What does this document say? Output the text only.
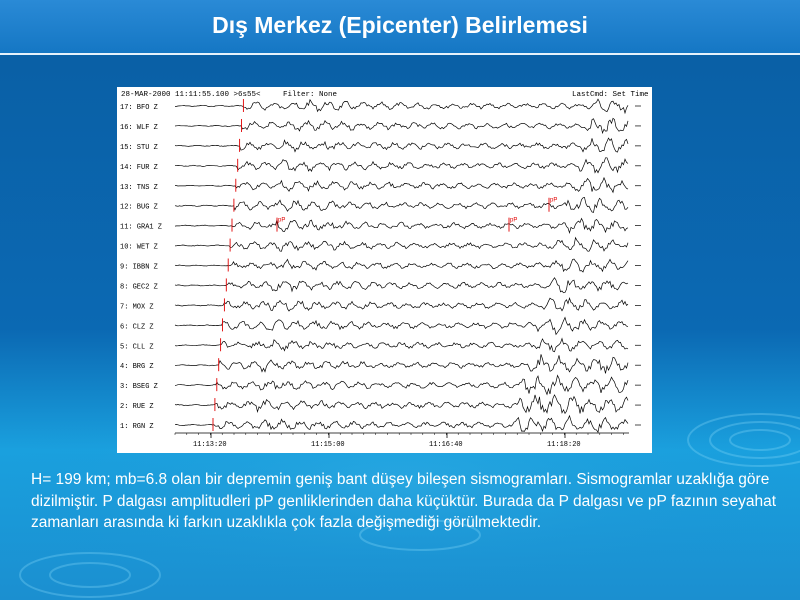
Dış Merkez (Epicenter) Belirlemesi
28-MAR-2000 11:11:55.100 >6s55<	Filter: None	LastCmd: Set Time
17: BFO Z
16: WLF Z
15: STU Z
14: FUR Z
13: TNS Z
12: BUG Z
11: GRA1 Z
10: WET Z
9: IBBN Z
8: GEC2 Z
7: MOX Z
6: CLZ Z
5: CLL Z
4: BRG Z
3: BSEG Z
2: RUE Z
1: RGN Z
pP	pP
pP
11:13:20	11:15:00	11:16:40	11:18:20
H= 199 km; mb=6.8 olan bir depremin geniş bant düşey bileşen sismogramları. Sismogramlar uzaklığa göre dizilmiştir. P dalgası amplitudleri pP genliklerinden daha küçüktür. Burada da P dalgası ve pP fazının seyahat zamanları arasında ki farkın uzaklıkla çok fazla değişmediği görülmektedir.
